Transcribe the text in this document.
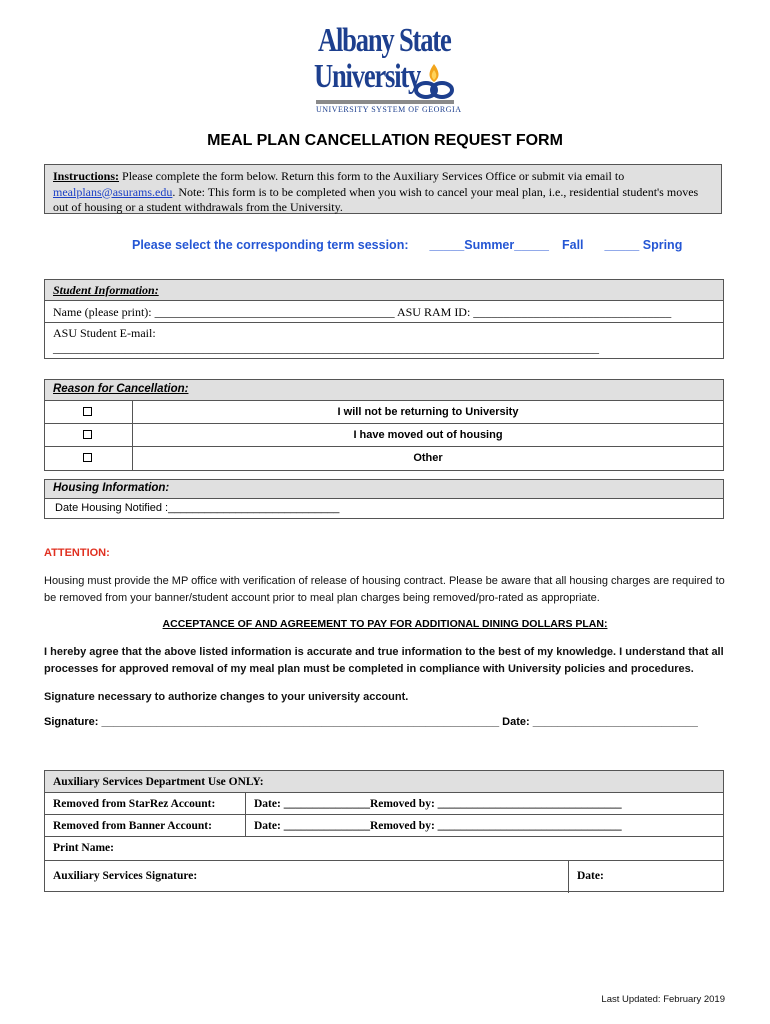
Albany State
University
UNIVERSITY SYSTEM OF GEORGIA
MEAL PLAN CANCELLATION REQUEST FORM
Instructions: Please complete the form below. Return this form to the Auxiliary Services Office or submit via email to mealplans@asurams.edu. Note: This form is to be completed when you wish to cancel your meal plan, i.e., residential student's moves out of housing or a student withdrawals from the University.
Please select the corresponding term session: _____Summer_____ Fall _____ Spring
Student Information:
Name (please print): ________________________________________ ASU RAM ID: _________________________________
ASU Student E-mail:
___________________________________________________________________________________________
Reason for Cancellation:
I will not be returning to University
I have moved out of housing
Other
Housing Information:
Date Housing Notified :____________________________
ATTENTION:
Housing must provide the MP office with verification of release of housing contract. Please be aware that all housing charges are required to be removed from your banner/student account prior to meal plan charges being removed/pro-rated as appropriate.
ACCEPTANCE OF AND AGREEMENT TO PAY FOR ADDITIONAL DINING DOLLARS PLAN:
I hereby agree that the above listed information is accurate and true information to the best of my knowledge. I understand that all processes for approved removal of my meal plan must be completed in compliance with University policies and procedures.
Signature necessary to authorize changes to your university account.
Signature: _________________________________________________________________ Date: ___________________________
Auxiliary Services Department Use ONLY:
Removed from StarRez Account:	Date: _______________Removed by: ________________________________
Removed from Banner Account:	Date: _______________Removed by: ________________________________
Print Name:
Auxiliary Services Signature:	Date:
Last Updated: February 2019
